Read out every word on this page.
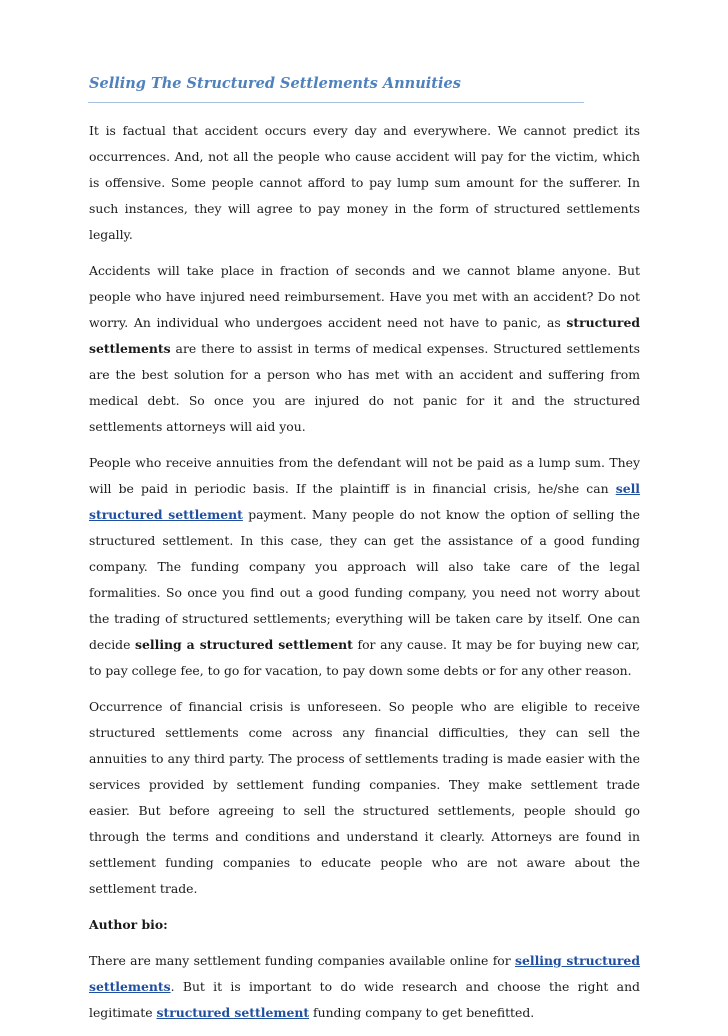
Selling The Structured Settlements Annuities

It is factual that accident occurs every day and everywhere. We cannot predict its occurrences. And, not all the people who cause accident will pay for the victim, which is offensive. Some people cannot afford to pay lump sum amount for the sufferer. In such instances, they will agree to pay money in the form of structured settlements legally.

Accidents will take place in fraction of seconds and we cannot blame anyone. But people who have injured need reimbursement. Have you met with an accident? Do not worry. An individual who undergoes accident need not have to panic, as structured settlements are there to assist in terms of medical expenses. Structured settlements are the best solution for a person who has met with an accident and suffering from medical debt. So once you are injured do not panic for it and the structured settlements attorneys will aid you.

People who receive annuities from the defendant will not be paid as a lump sum. They will be paid in periodic basis. If the plaintiff is in financial crisis, he/she can sell structured settlement payment. Many people do not know the option of selling the structured settlement. In this case, they can get the assistance of a good funding company. The funding company you approach will also take care of the legal formalities. So once you find out a good funding company, you need not worry about the trading of structured settlements; everything will be taken care by itself. One can decide selling a structured settlement for any cause. It may be for buying new car, to pay college fee, to go for vacation, to pay down some debts or for any other reason.

Occurrence of financial crisis is unforeseen. So people who are eligible to receive structured settlements come across any financial difficulties, they can sell the annuities to any third party. The process of settlements trading is made easier with the services provided by settlement funding companies. They make settlement trade easier. But before agreeing to sell the structured settlements, people should go through the terms and conditions and understand it clearly. Attorneys are found in settlement funding companies to educate people who are not aware about the settlement trade.

Author bio:

There are many settlement funding companies available online for selling structured settlements. But it is important to do wide research and choose the right and legitimate structured settlement funding company to get benefitted.
